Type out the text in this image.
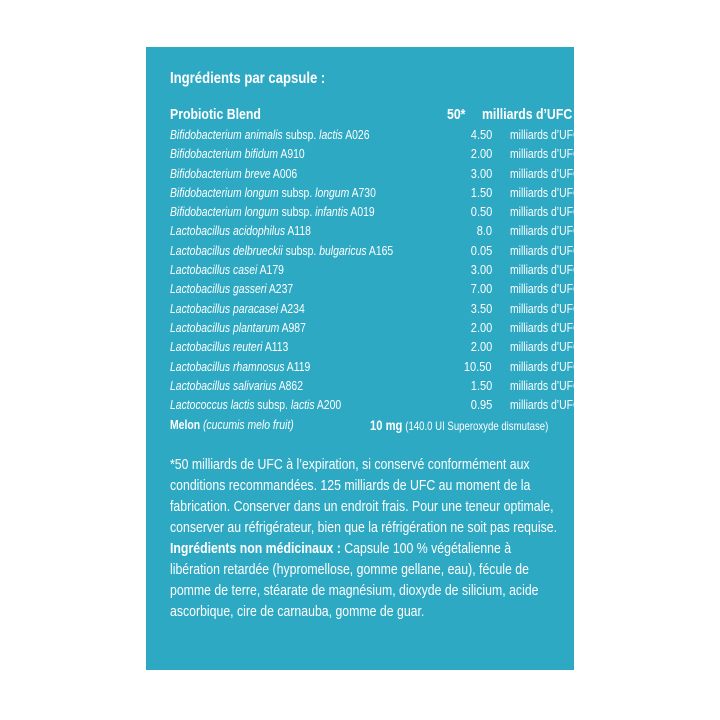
Ingrédients par capsule :
Probiotic Blend	50* milliards d’UFC
Bifidobacterium animalis subsp. lactis A026	4.50 milliards d’UFC
Bifidobacterium bifidum A910	2.00 milliards d’UFC
Bifidobacterium breve A006	3.00 milliards d’UFC
Bifidobacterium longum subsp. longum A730	1.50 milliards d’UFC
Bifidobacterium longum subsp. infantis A019	0.50 milliards d’UFC
Lactobacillus acidophilus A118	8.0 milliards d’UFC
Lactobacillus delbrueckii subsp. bulgaricus A165	0.05 milliards d’UFC
Lactobacillus casei A179	3.00 milliards d’UFC
Lactobacillus gasseri A237	7.00 milliards d’UFC
Lactobacillus paracasei A234	3.50 milliards d’UFC
Lactobacillus plantarum A987	2.00 milliards d’UFC
Lactobacillus reuteri A113	2.00 milliards d’UFC
Lactobacillus rhamnosus A119	10.50 milliards d’UFC
Lactobacillus salivarius A862	1.50 milliards d’UFC
Lactococcus lactis subsp. lactis A200	0.95 milliards d’UFC
Melon (cucumis melo fruit)	10 mg (140.0 UI Superoxyde dismutase)

*50 milliards de UFC à l’expiration, si conservé conformément aux conditions recommandées. 125 milliards de UFC au moment de la fabrication. Conserver dans un endroit frais. Pour une teneur optimale, conserver au réfrigérateur, bien que la réfrigération ne soit pas requise.

Ingrédients non médicinaux : Capsule 100 % végétalienne à libération retardée (hypromellose, gomme gellane, eau), fécule de pomme de terre, stéarate de magnésium, dioxyde de silicium, acide ascorbique, cire de carnauba, gomme de guar.
